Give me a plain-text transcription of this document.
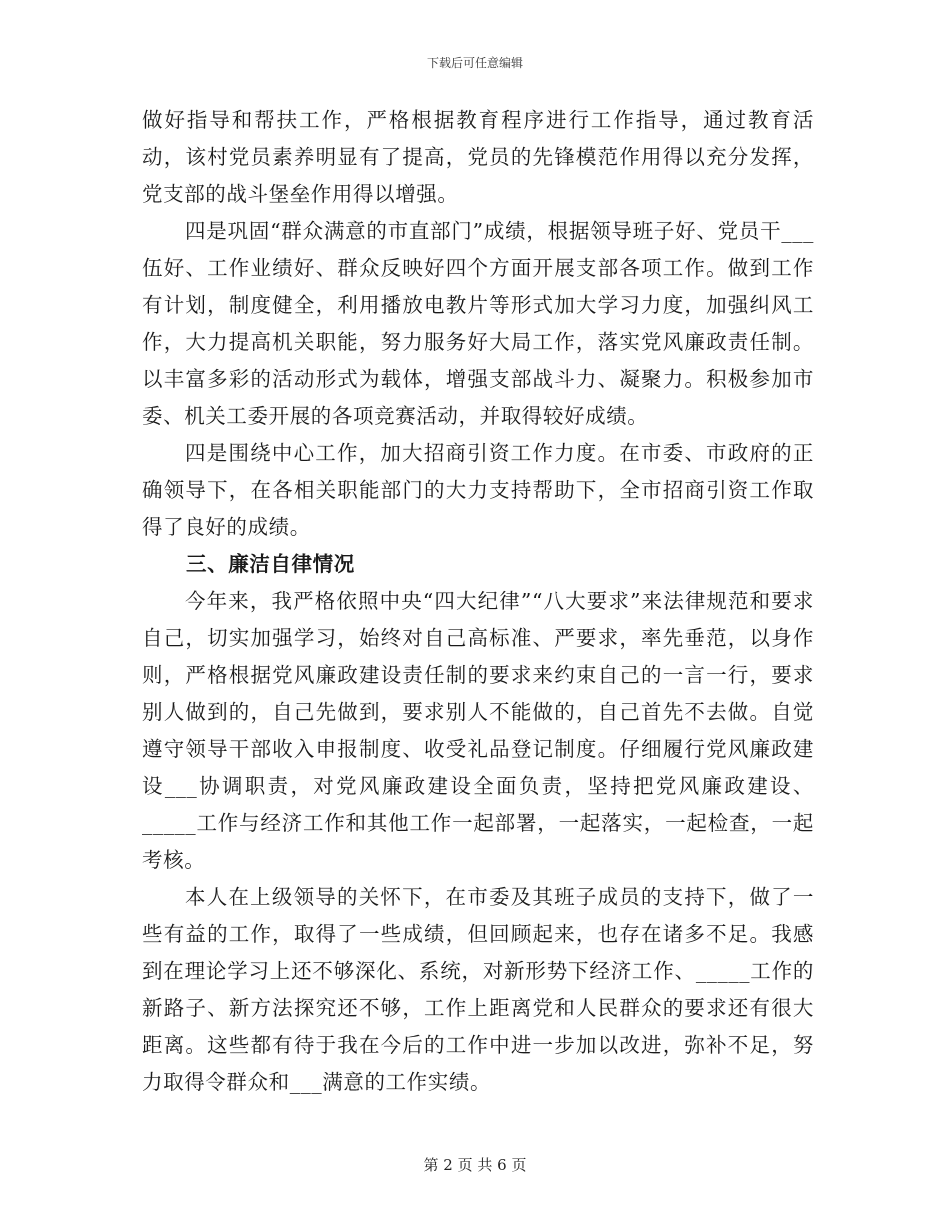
下载后可任意编辑

做好指导和帮扶工作，严格根据教育程序进行工作指导，通过教育活动，该村党员素养明显有了提高，党员的先锋模范作用得以充分发挥，党支部的战斗堡垒作用得以增强。

四是巩固“群众满意的市直部门”成绩，根据领导班子好、党员干___伍好、工作业绩好、群众反映好四个方面开展支部各项工作。做到工作有计划，制度健全，利用播放电教片等形式加大学习力度，加强纠风工作，大力提高机关职能，努力服务好大局工作，落实党风廉政责任制。以丰富多彩的活动形式为载体，增强支部战斗力、凝聚力。积极参加市委、机关工委开展的各项竞赛活动，并取得较好成绩。

四是围绕中心工作，加大招商引资工作力度。在市委、市政府的正确领导下，在各相关职能部门的大力支持帮助下，全市招商引资工作取得了良好的成绩。

三、廉洁自律情况

今年来，我严格依照中央“四大纪律”“八大要求”来法律规范和要求自己，切实加强学习，始终对自己高标准、严要求，率先垂范，以身作则，严格根据党风廉政建设责任制的要求来约束自己的一言一行，要求别人做到的，自己先做到，要求别人不能做的，自己首先不去做。自觉遵守领导干部收入申报制度、收受礼品登记制度。仔细履行党风廉政建设___协调职责，对党风廉政建设全面负责，坚持把党风廉政建设、_____工作与经济工作和其他工作一起部署，一起落实，一起检查，一起考核。

本人在上级领导的关怀下，在市委及其班子成员的支持下，做了一些有益的工作，取得了一些成绩，但回顾起来，也存在诸多不足。我感到在理论学习上还不够深化、系统，对新形势下经济工作、_____工作的新路子、新方法探究还不够，工作上距离党和人民群众的要求还有很大距离。这些都有待于我在今后的工作中进一步加以改进，弥补不足，努力取得令群众和___满意的工作实绩。

第 2 页 共 6 页
